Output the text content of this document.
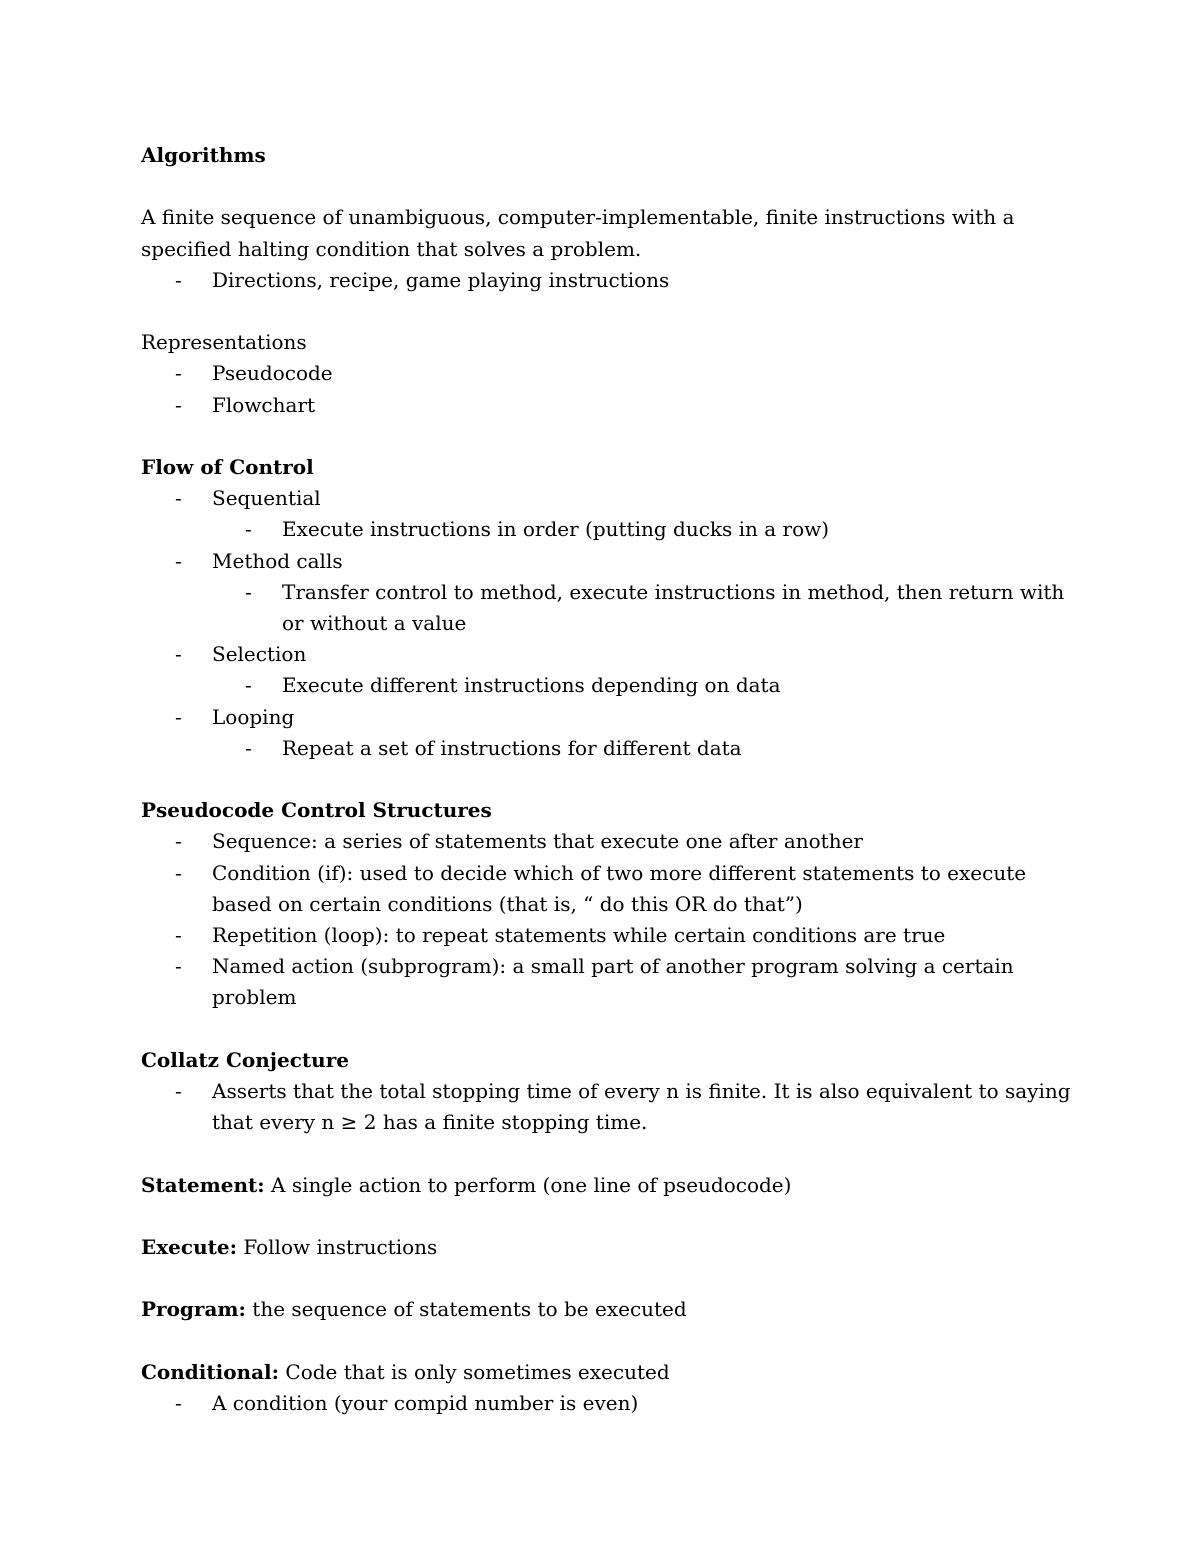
Algorithms

A finite sequence of unambiguous, computer-implementable, finite instructions with a specified halting condition that solves a problem.

- Directions, recipe, game playing instructions

Representations

- Pseudocode
- Flowchart

Flow of Control

- Sequential
- Execute instructions in order (putting ducks in a row)
- Method calls
- Transfer control to method, execute instructions in method, then return with or without a value
- Selection
- Execute different instructions depending on data
- Looping
- Repeat a set of instructions for different data

Pseudocode Control Structures

- Sequence: a series of statements that execute one after another
- Condition (if): used to decide which of two more different statements to execute based on certain conditions (that is, “ do this OR do that”)
- Repetition (loop): to repeat statements while certain conditions are true
- Named action (subprogram): a small part of another program solving a certain problem

Collatz Conjecture

- Asserts that the total stopping time of every n is finite. It is also equivalent to saying that every n ≥ 2 has a finite stopping time.

Statement: A single action to perform (one line of pseudocode)

Execute: Follow instructions

Program: the sequence of statements to be executed

Conditional: Code that is only sometimes executed

- A condition (your compid number is even)
